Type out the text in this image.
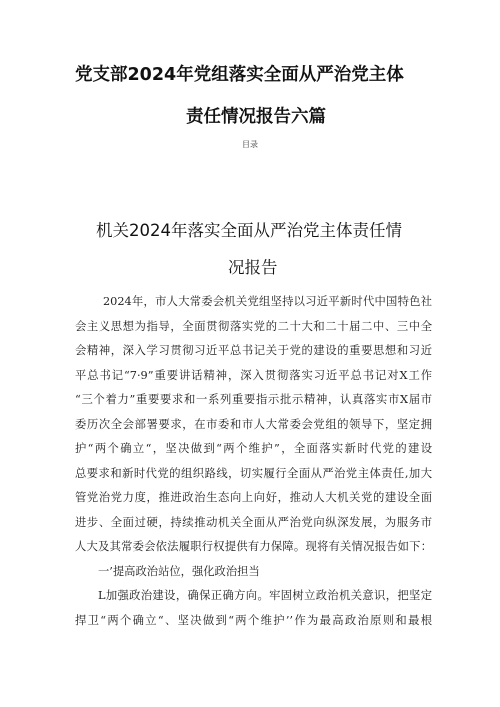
党支部2024年党组落实全面从严治党主体
责任情况报告六篇
目录
机关2024年落实全面从严治党主体责任情
况报告
2024年，市人大常委会机关党组坚持以习近平新时代中国特色社
会主义思想为指导，全面贯彻落实党的二十大和二十届二中、三中全
会精神，深入学习贯彻习近平总书记关于党的建设的重要思想和习近
平总书记“7·9”重要讲话精神，深入贯彻落实习近平总书记对X工作
“三个着力”重要要求和一系列重要指示批示精神，认真落实市X届市
委历次全会部署要求，在市委和市人大常委会党组的领导下，坚定拥
护“两个确立“，坚决做到“两个维护”，全面落实新时代党的建设
总要求和新时代党的组织路线，切实履行全面从严治党主体责任,加大
管党治党力度，推进政治生态向上向好，推动人大机关党的建设全面
进步、全面过硬，持续推动机关全面从严治党向纵深发展，为服务市
人大及其常委会依法履职行权提供有力保障。现将有关情况报告如下：
一’提高政治站位，强化政治担当
L加强政治建设，确保正确方向。牢固树立政治机关意识，把坚定
捍卫“两个确立“、坚决做到“两个维护’’作为最高政治原则和最根
